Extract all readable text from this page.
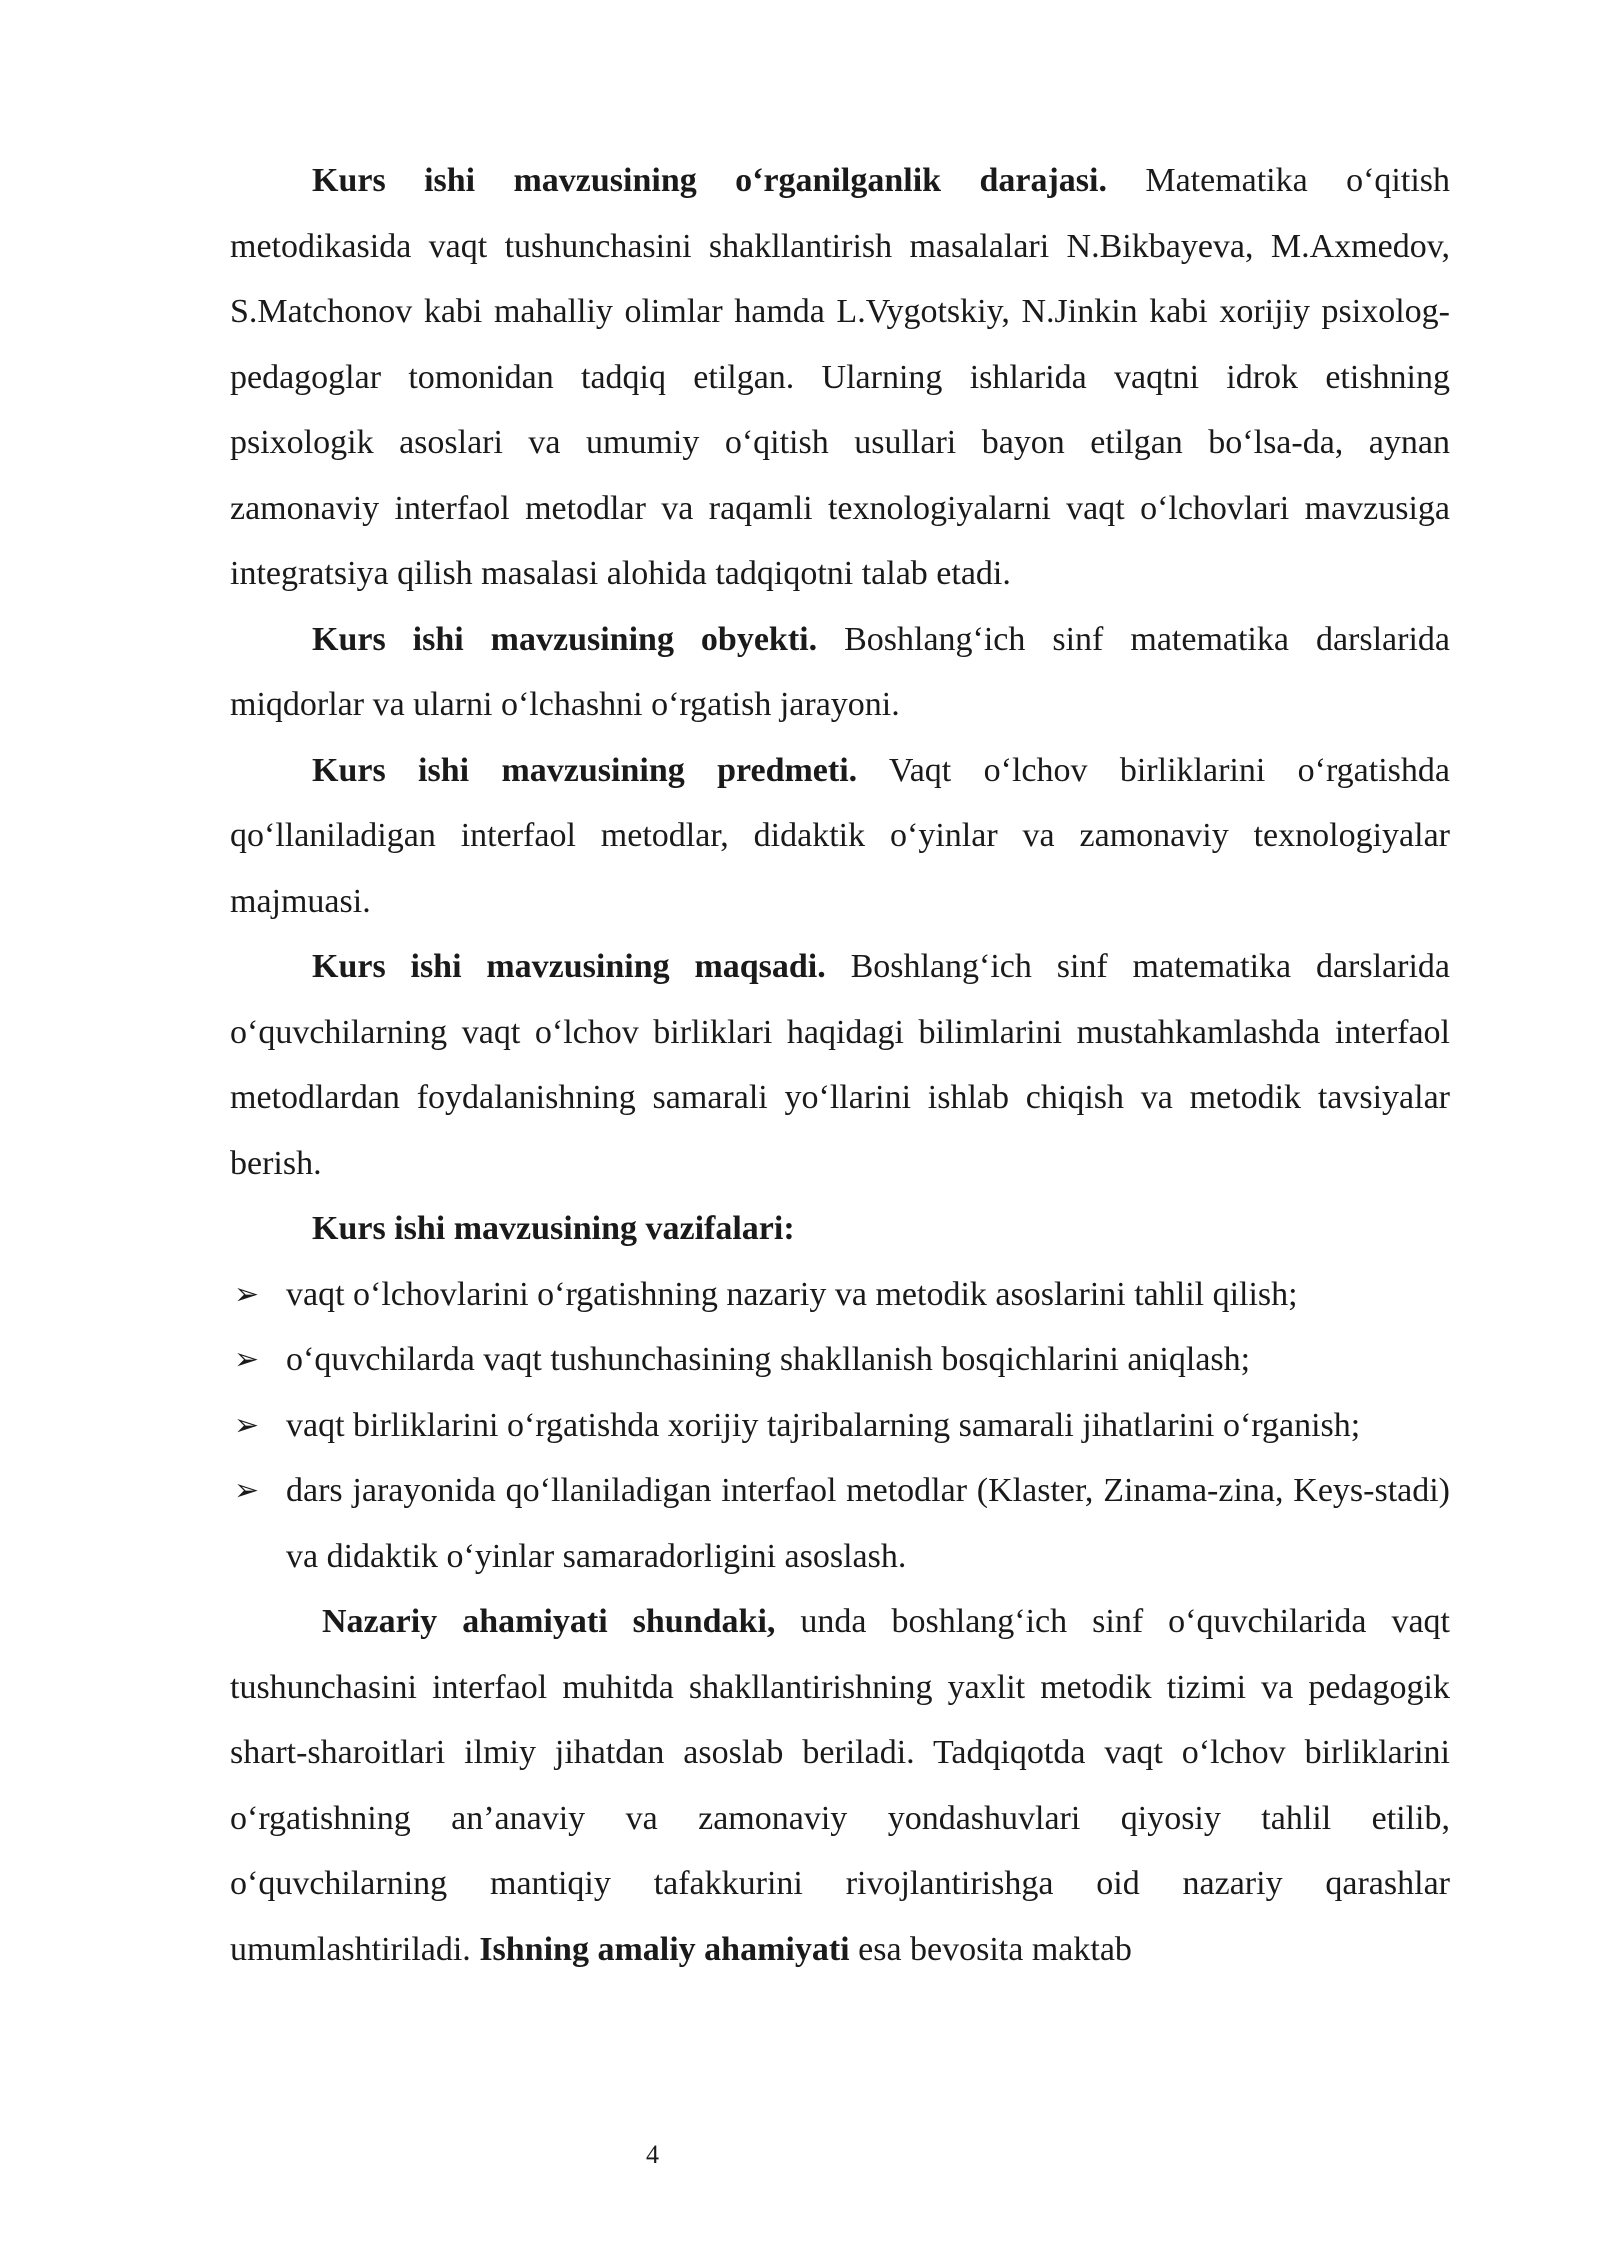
Kurs ishi mavzusining o‘rganilganlik darajasi. Matematika o‘qitish metodikasida vaqt tushunchasini shakllantirish masalalari N.Bikbayeva, M.Axmedov, S.Matchonov kabi mahalliy olimlar hamda L.Vygotskiy, N.Jinkin kabi xorijiy psixolog-pedagoglar tomonidan tadqiq etilgan. Ularning ishlarida vaqtni idrok etishning psixologik asoslari va umumiy o‘qitish usullari bayon etilgan bo‘lsa-da, aynan zamonaviy interfaol metodlar va raqamli texnologiyalarni vaqt o‘lchovlari mavzusiga integratsiya qilish masalasi alohida tadqiqotni talab etadi.

Kurs ishi mavzusining obyekti. Boshlang‘ich sinf matematika darslarida miqdorlar va ularni o‘lchashni o‘rgatish jarayoni.

Kurs ishi mavzusining predmeti. Vaqt o‘lchov birliklarini o‘rgatishda qo‘llaniladigan interfaol metodlar, didaktik o‘yinlar va zamonaviy texnologiyalar majmuasi.

Kurs ishi mavzusining maqsadi. Boshlang‘ich sinf matematika darslarida o‘quvchilarning vaqt o‘lchov birliklari haqidagi bilimlarini mustahkamlashda interfaol metodlardan foydalanishning samarali yo‘llarini ishlab chiqish va metodik tavsiyalar berish.

Kurs ishi mavzusining vazifalari:

➢ vaqt o‘lchovlarini o‘rgatishning nazariy va metodik asoslarini tahlil qilish;
➢ o‘quvchilarda vaqt tushunchasining shakllanish bosqichlarini aniqlash;
➢ vaqt birliklarini o‘rgatishda xorijiy tajribalarning samarali jihatlarini o‘rganish;
➢ dars jarayonida qo‘llaniladigan interfaol metodlar (Klaster, Zinama-zina, Keys-stadi) va didaktik o‘yinlar samaradorligini asoslash.

Nazariy ahamiyati shundaki, unda boshlang‘ich sinf o‘quvchilarida vaqt tushunchasini interfaol muhitda shakllantirishning yaxlit metodik tizimi va pedagogik shart-sharoitlari ilmiy jihatdan asoslab beriladi. Tadqiqotda vaqt o‘lchov birliklarini o‘rgatishning an’anaviy va zamonaviy yondashuvlari qiyosiy tahlil etilib, o‘quvchilarning mantiqiy tafakkurini rivojlantirishga oid nazariy qarashlar umumlashtiriladi. Ishning amaliy ahamiyati esa bevosita maktab

4
